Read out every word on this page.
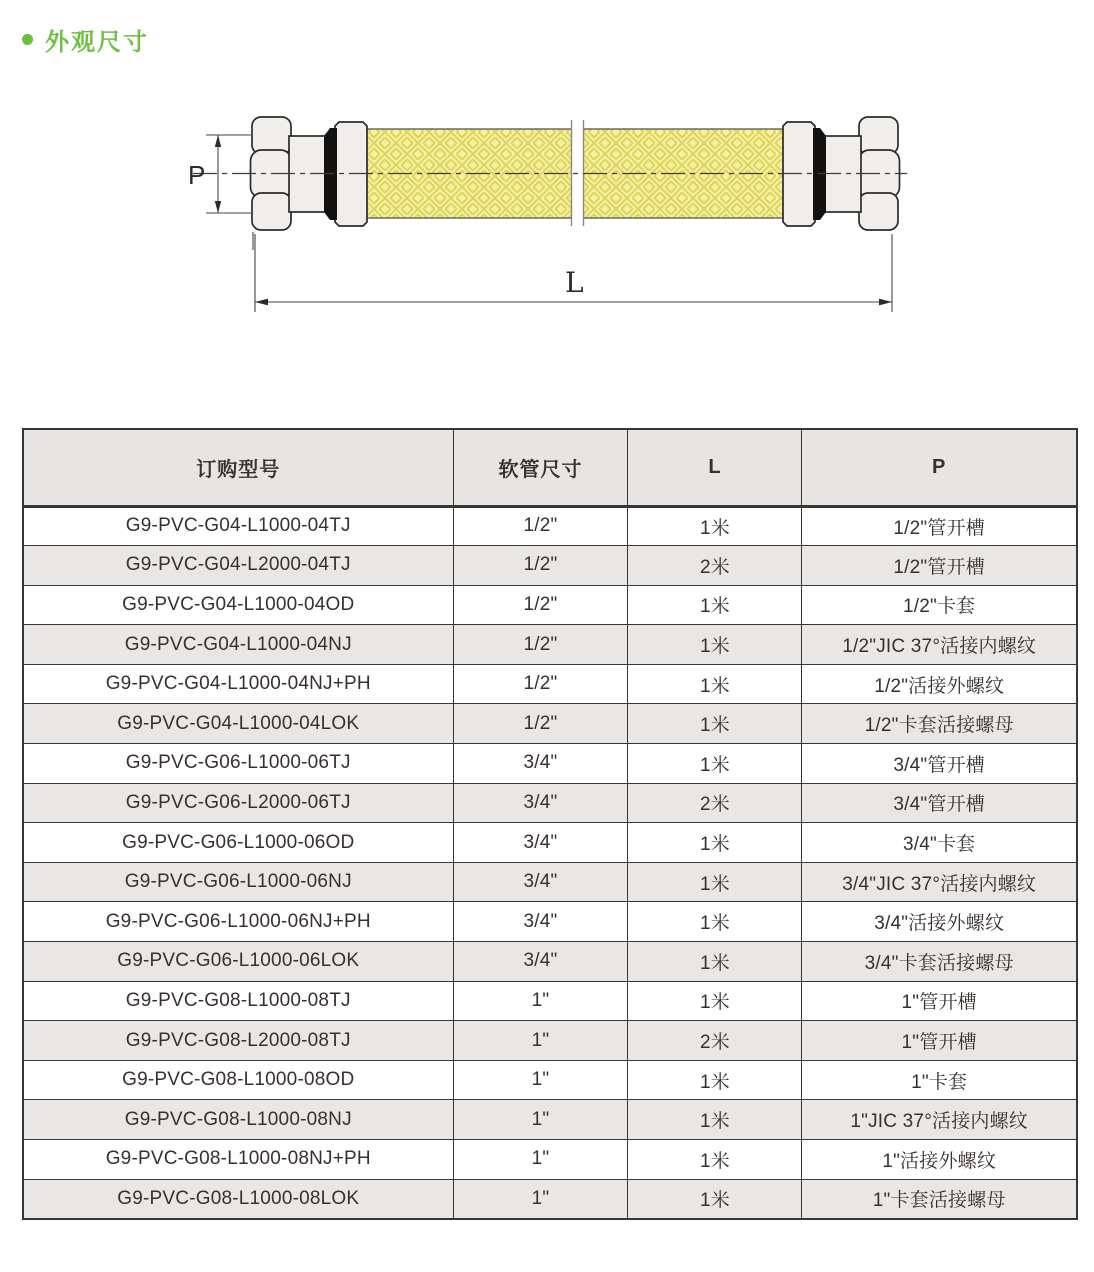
外观尺寸
P
L
订购型号	软管尺寸	L	P
G9-PVC-G04-L1000-04TJ	1/2"	1米	1/2"管开槽
G9-PVC-G04-L2000-04TJ	1/2"	2米	1/2"管开槽
G9-PVC-G04-L1000-04OD	1/2"	1米	1/2"卡套
G9-PVC-G04-L1000-04NJ	1/2"	1米	1/2"JIC 37°活接内螺纹
G9-PVC-G04-L1000-04NJ+PH	1/2"	1米	1/2"活接外螺纹
G9-PVC-G04-L1000-04LOK	1/2"	1米	1/2"卡套活接螺母
G9-PVC-G06-L1000-06TJ	3/4"	1米	3/4"管开槽
G9-PVC-G06-L2000-06TJ	3/4"	2米	3/4"管开槽
G9-PVC-G06-L1000-06OD	3/4"	1米	3/4"卡套
G9-PVC-G06-L1000-06NJ	3/4"	1米	3/4"JIC 37°活接内螺纹
G9-PVC-G06-L1000-06NJ+PH	3/4"	1米	3/4"活接外螺纹
G9-PVC-G06-L1000-06LOK	3/4"	1米	3/4"卡套活接螺母
G9-PVC-G08-L1000-08TJ	1"	1米	1"管开槽
G9-PVC-G08-L2000-08TJ	1"	2米	1"管开槽
G9-PVC-G08-L1000-08OD	1"	1米	1"卡套
G9-PVC-G08-L1000-08NJ	1"	1米	1"JIC 37°活接内螺纹
G9-PVC-G08-L1000-08NJ+PH	1"	1米	1"活接外螺纹
G9-PVC-G08-L1000-08LOK	1"	1米	1"卡套活接螺母
